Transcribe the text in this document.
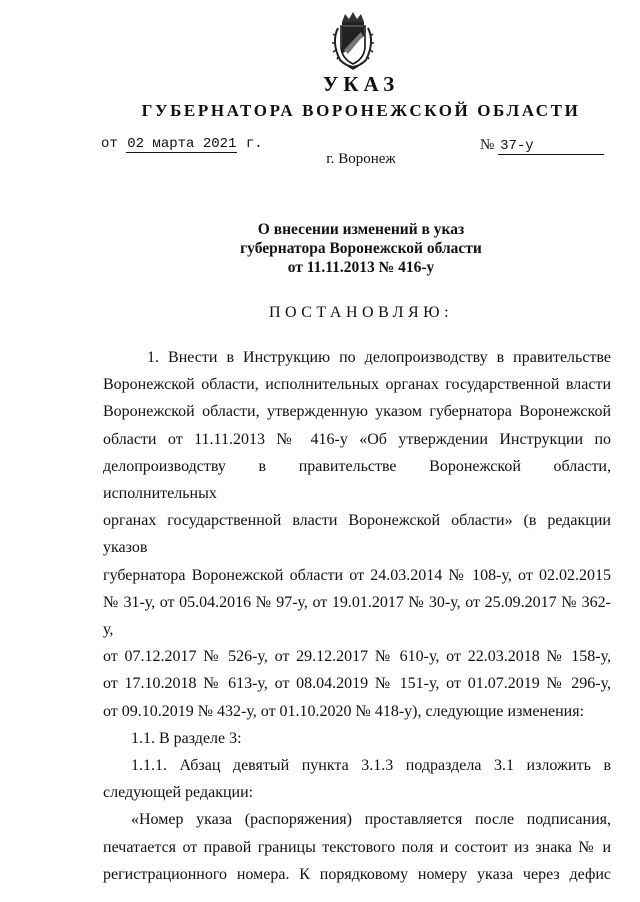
УКАЗ
ГУБЕРНАТОРА ВОРОНЕЖСКОЙ ОБЛАСТИ
от 02 марта 2021 г.	№ 37-у
г. Воронеж
О внесении изменений в указ
губернатора Воронежской области
от 11.11.2013 № 416-у
ПОСТАНОВЛЯЮ:

1. Внести в Инструкцию по делопроизводству в правительстве

Воронежской области, исполнительных органах государственной власти

Воронежской области, утвержденную указом губернатора Воронежской

области от 11.11.2013 № 416-у «Об утверждении Инструкции по

делопроизводству в правительстве Воронежской области, исполнительных

органах государственной власти Воронежской области» (в редакции указов

губернатора Воронежской области от 24.03.2014 № 108-у, от 02.02.2015

№ 31-у, от 05.04.2016 № 97-у, от 19.01.2017 № 30-у, от 25.09.2017 № 362-у,

от 07.12.2017 № 526-у, от 29.12.2017 № 610-у, от 22.03.2018 № 158-у,

от 17.10.2018 № 613-у, от 08.04.2019 № 151-у, от 01.07.2019 № 296-у,

от 09.10.2019 № 432-у, от 01.10.2020 № 418-у), следующие изменения:

1.1. В разделе 3:

1.1.1. Абзац девятый пункта 3.1.3 подраздела 3.1 изложить в

следующей редакции:

«Номер указа (распоряжения) проставляется после подписания,

печатается от правой границы текстового поля и состоит из знака № и

регистрационного номера. К порядковому номеру указа через дефис
